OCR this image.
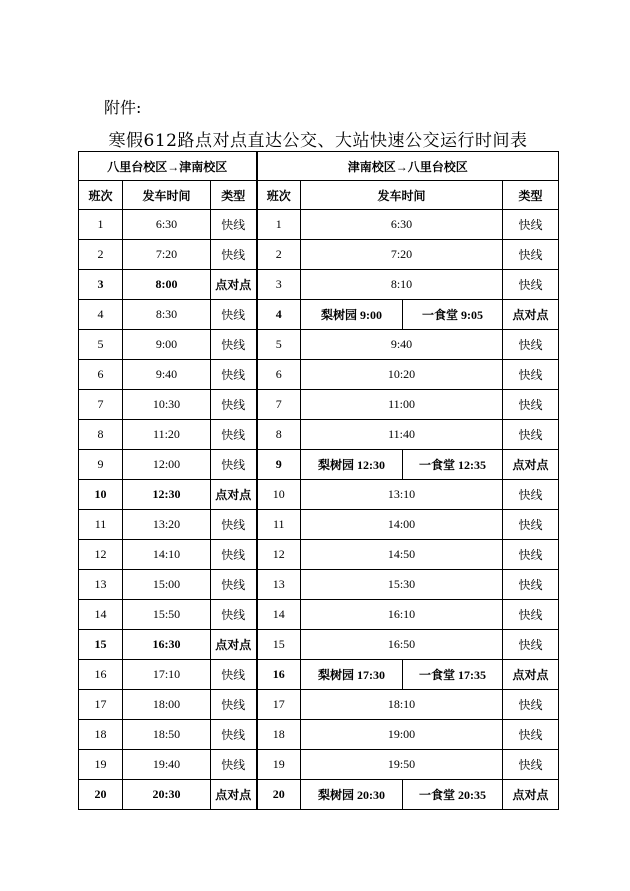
附件:
寒假612路点对点直达公交、大站快速公交运行时间表
八里台校区→津南校区			津南校区→八里台校区			
班次	发车时间	类型	班次	发车时间		类型
1	6:30	快线	1	6:30		快线
2	7:20	快线	2	7:20		快线
3	8:00	点对点	3	8:10		快线
4	8:30	快线	4	梨树园 9:00	一食堂 9:05	点对点
5	9:00	快线	5	9:40		快线
6	9:40	快线	6	10:20		快线
7	10:30	快线	7	11:00		快线
8	11:20	快线	8	11:40		快线
9	12:00	快线	9	梨树园 12:30	一食堂 12:35	点对点
10	12:30	点对点	10	13:10		快线
11	13:20	快线	11	14:00		快线
12	14:10	快线	12	14:50		快线
13	15:00	快线	13	15:30		快线
14	15:50	快线	14	16:10		快线
15	16:30	点对点	15	16:50		快线
16	17:10	快线	16	梨树园 17:30	一食堂 17:35	点对点
17	18:00	快线	17	18:10		快线
18	18:50	快线	18	19:00		快线
19	19:40	快线	19	19:50		快线
20	20:30	点对点	20	梨树园 20:30	一食堂 20:35	点对点
